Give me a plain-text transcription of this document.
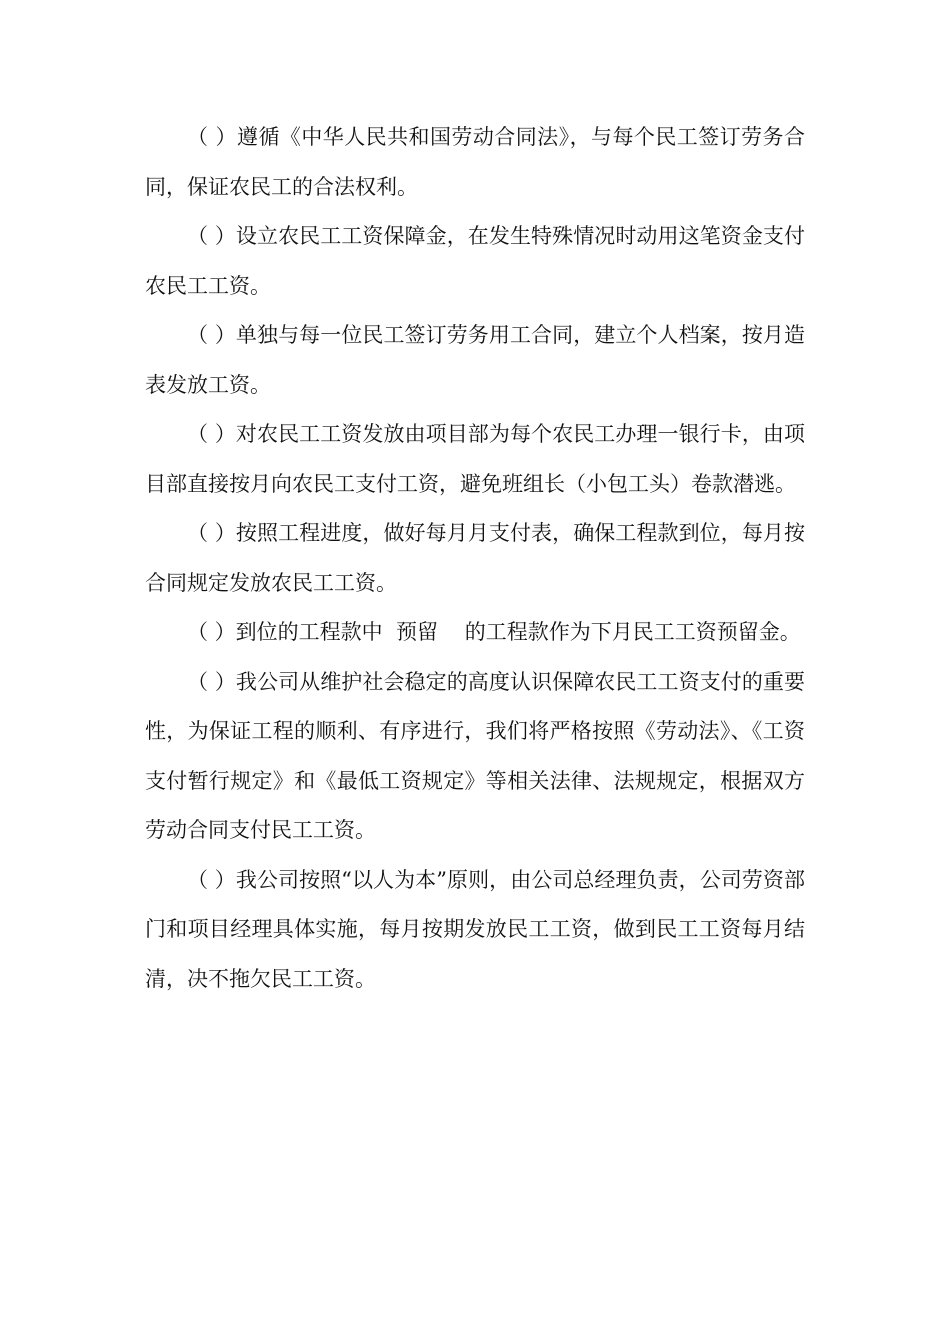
（ ）遵循《中华人民共和国劳动合同法》，与每个民工签订劳务合同，保证农民工的合法权利。

（ ）设立农民工工资保障金，在发生特殊情况时动用这笔资金支付农民工工资。

（ ）单独与每一位民工签订劳务用工合同，建立个人档案，按月造表发放工资。

（ ）对农民工工资发放由项目部为每个农民工办理一银行卡，由项目部直接按月向农民工支付工资，避免班组长（小包工头）卷款潜逃。

（ ）按照工程进度，做好每月月支付表，确保工程款到位，每月按合同规定发放农民工工资。

（ ）到位的工程款中  预留    的工程款作为下月民工工资预留金。

（ ）我公司从维护社会稳定的高度认识保障农民工工资支付的重要性，为保证工程的顺利、有序进行，我们将严格按照《劳动法》、《工资支付暂行规定》和《最低工资规定》等相关法律、法规规定，根据双方劳动合同支付民工工资。

（ ）我公司按照“以人为本”原则，由公司总经理负责，公司劳资部门和项目经理具体实施，每月按期发放民工工资，做到民工工资每月结清，决不拖欠民工工资。
